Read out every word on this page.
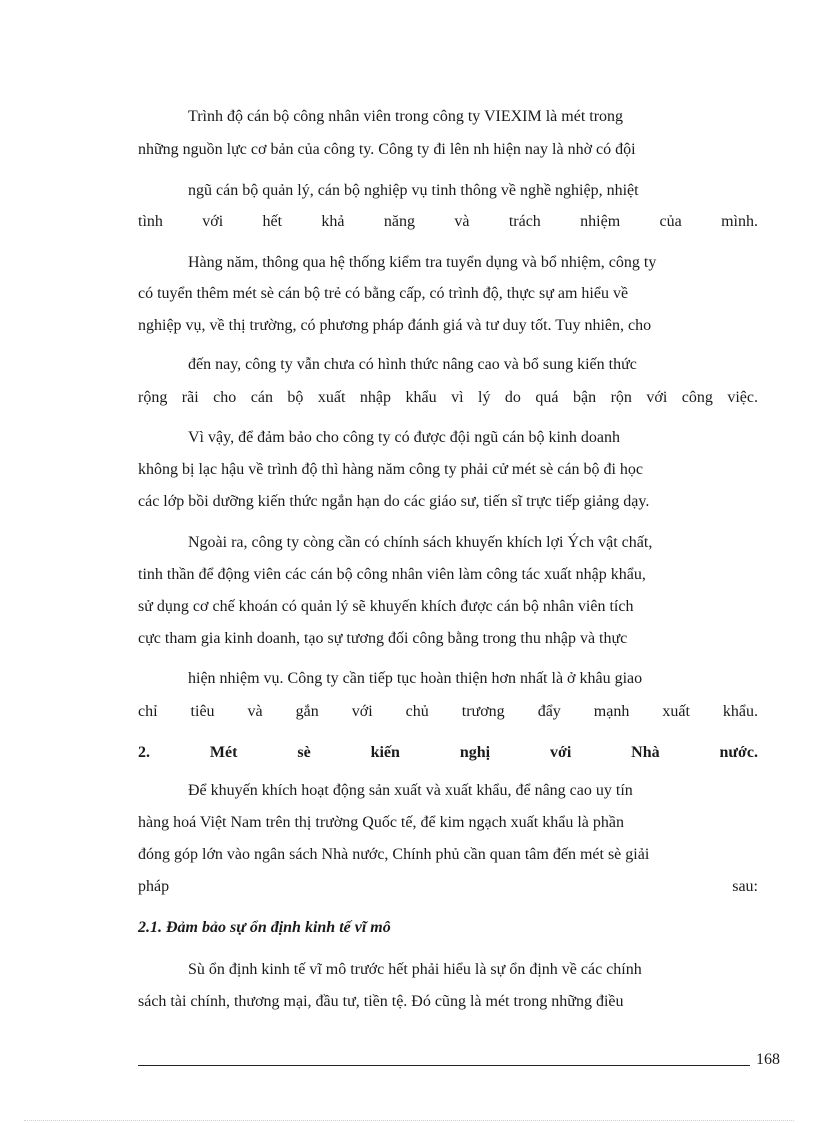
Trình độ cán bộ công nhân viên trong công ty VIEXIM là mét trong
những nguồn lực cơ bản của công ty. Công ty đi lên nh hiện nay là nhờ có đội
ngũ cán bộ quản lý, cán bộ nghiệp vụ tinh thông về nghề nghiệp, nhiệt
tình với hết khả năng và trách nhiệm của mình.
Hàng năm, thông qua hệ thống kiểm tra tuyển dụng và bổ nhiệm, công ty
có tuyển thêm mét sè cán bộ trẻ có bằng cấp, có trình độ, thực sự am hiểu về
nghiệp vụ, về thị trường, có phương pháp đánh giá và tư duy tốt. Tuy nhiên, cho
đến nay, công ty vẫn chưa có hình thức nâng cao và bổ sung kiến thức
rộng rãi cho cán bộ xuất nhập khẩu vì lý do quá bận rộn với công việc.
Vì vậy, để đảm bảo cho công ty có được đội ngũ cán bộ kinh doanh
không bị lạc hậu về trình độ thì hàng năm công ty phải cử mét sè cán bộ đi học
các lớp bồi dưỡng kiến thức ngắn hạn do các giáo sư, tiến sĩ trực tiếp giảng dạy.
Ngoài ra, công ty còng cần có chính sách khuyến khích lợi Ých vật chất,
tinh thần để động viên các cán bộ công nhân viên làm công tác xuất nhập khẩu,
sử dụng cơ chế khoán có quản lý sẽ khuyến khích được cán bộ nhân viên tích
cực tham gia kinh doanh, tạo sự tương đối công bằng trong thu nhập và thực
hiện nhiệm vụ. Công ty cần tiếp tục hoàn thiện hơn nhất là ở khâu giao
chỉ tiêu và gắn với chủ trương đẩy mạnh xuất khẩu.
2. Mét sè kiến nghị với Nhà nước.
Để khuyến khích hoạt động sản xuất và xuất khẩu, để nâng cao uy tín
hàng hoá Việt Nam trên thị trường Quốc tế, để kim ngạch xuất khẩu là phần
đóng góp lớn vào ngân sách Nhà nước, Chính phủ cần quan tâm đến mét sè giải
pháp sau:
2.1. Đảm bảo sự ổn định kinh tế vĩ mô
Sù ổn định kinh tế vĩ mô trước hết phải hiểu là sự ổn định về các chính
sách tài chính, thương mại, đầu tư, tiền tệ. Đó cũng là mét trong những điều
168
